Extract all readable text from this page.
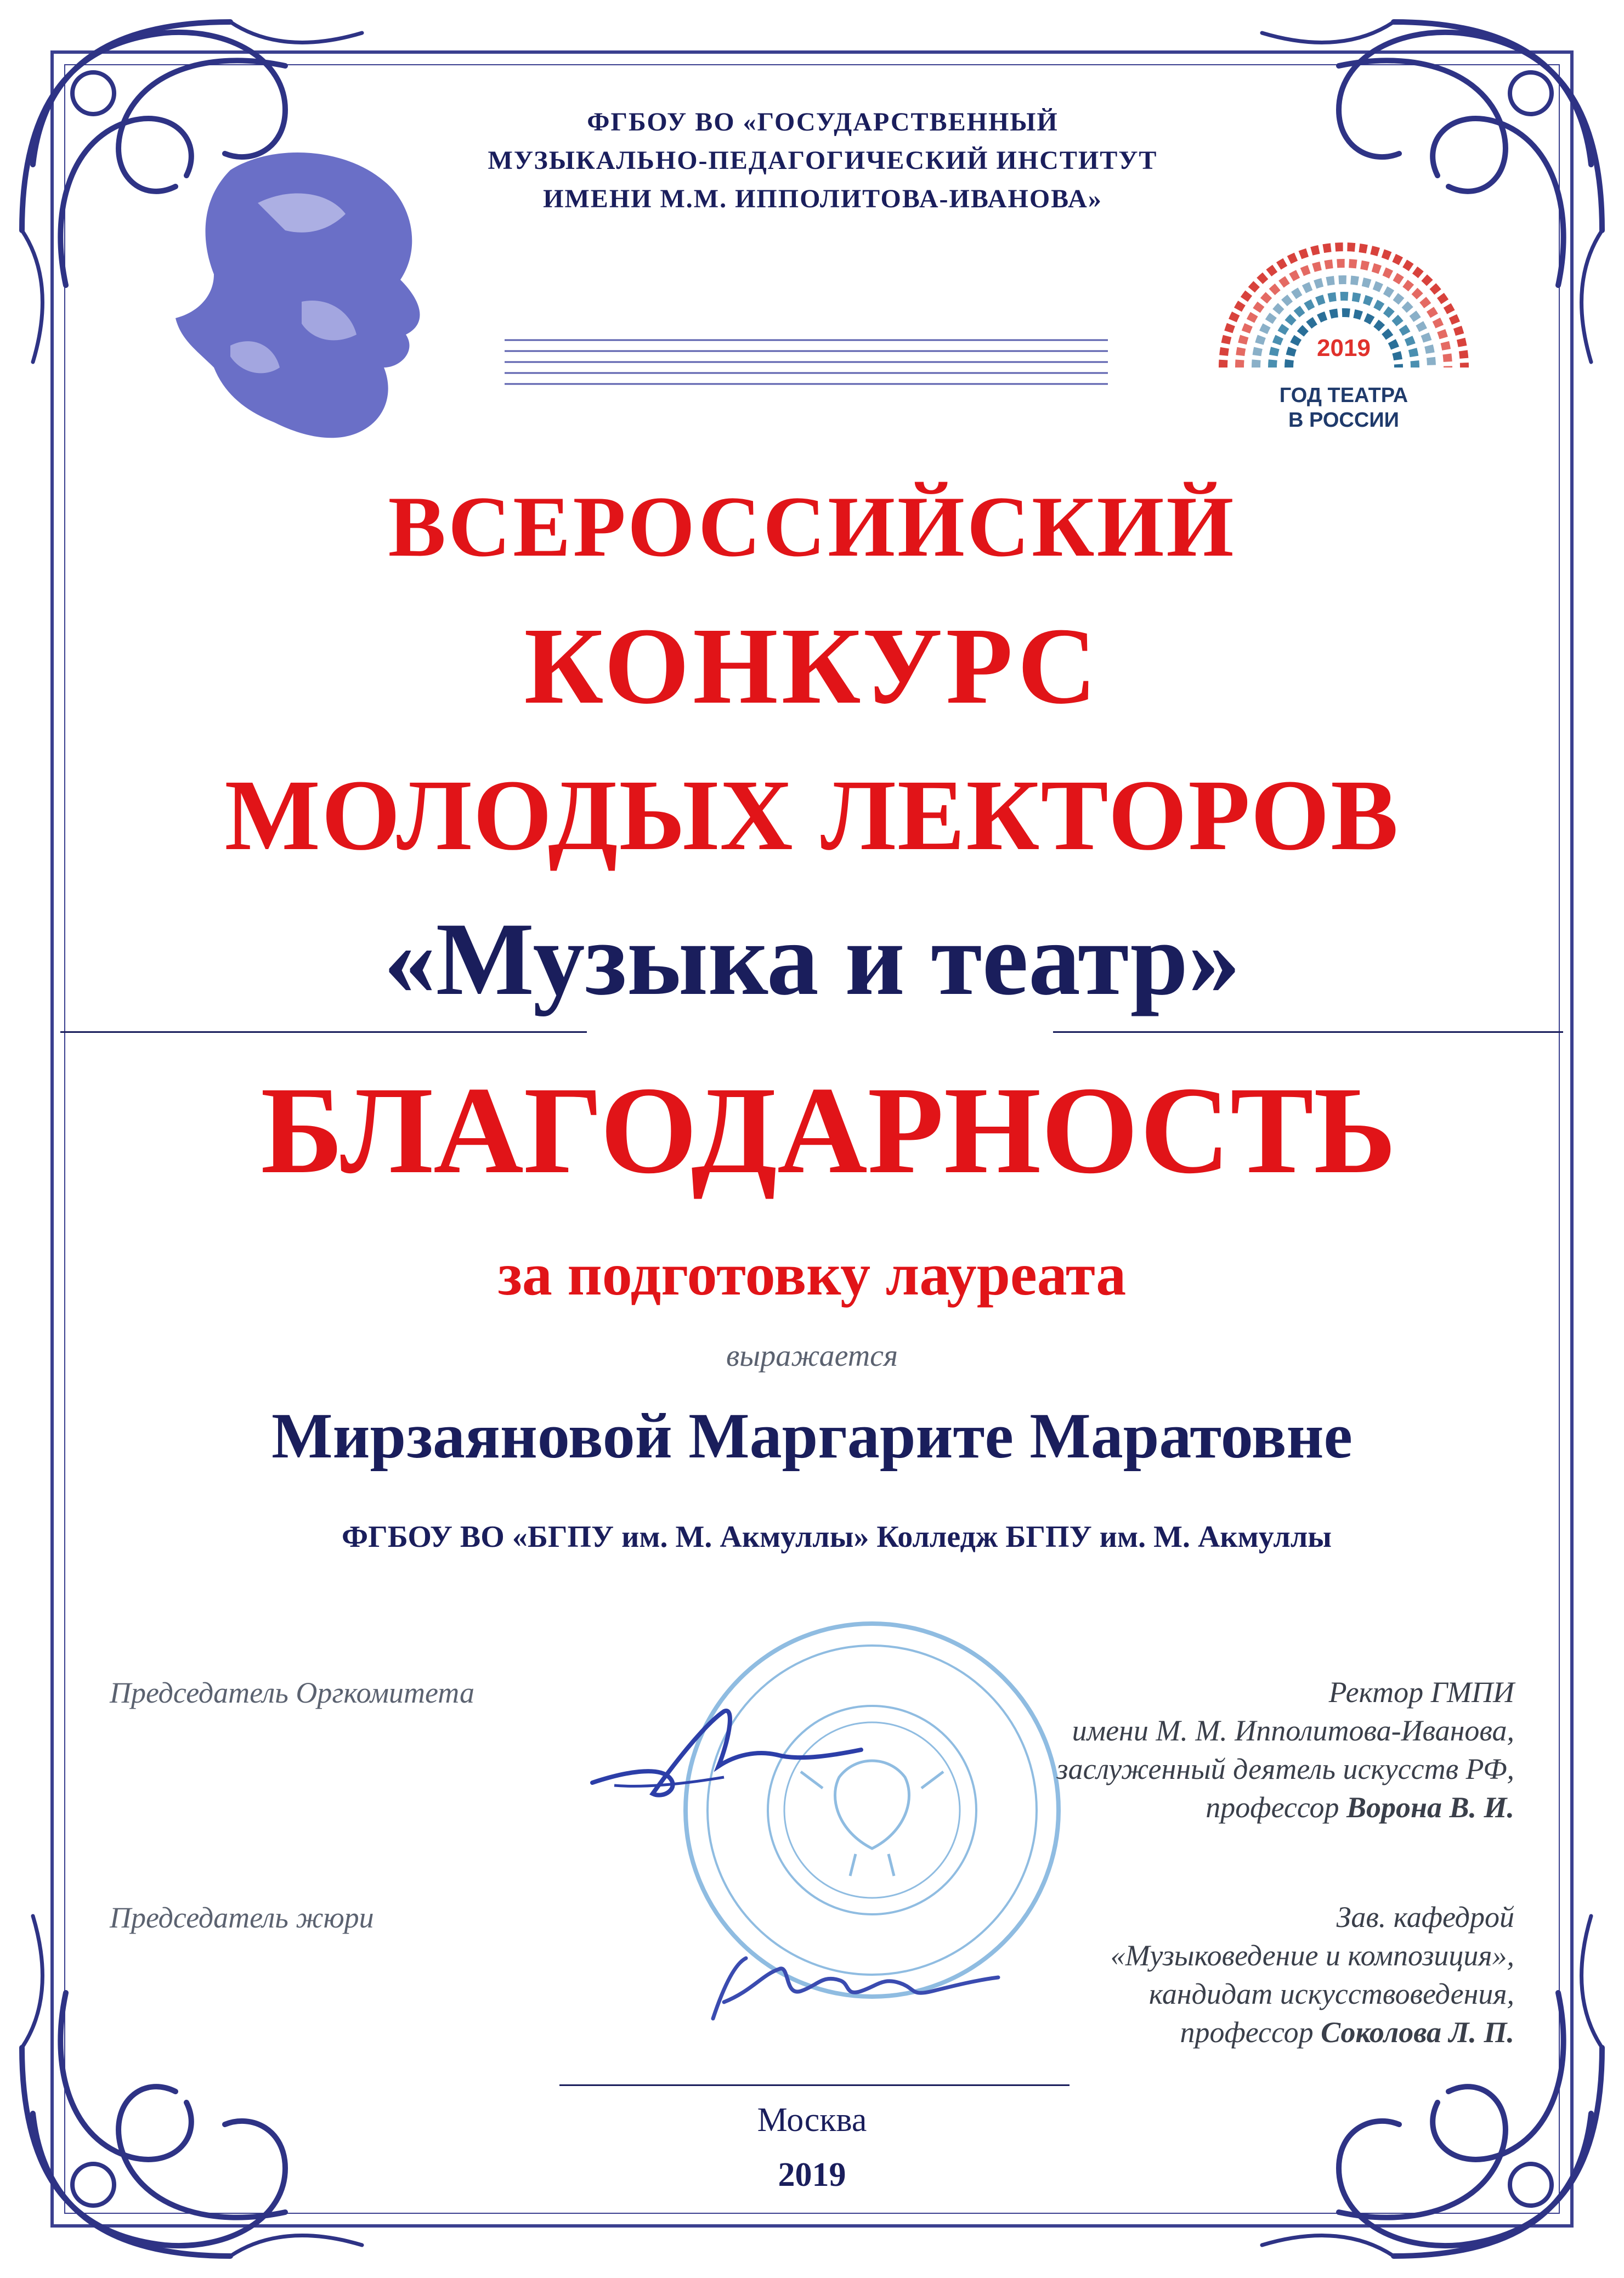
ФГБОУ ВО «ГОСУДАРСТВЕННЫЙ
МУЗЫКАЛЬНО-ПЕДАГОГИЧЕСКИЙ ИНСТИТУТ
ИМЕНИ М.М. ИППОЛИТОВА-ИВАНОВА»
2019
ГОД ТЕАТРА
В РОССИИ
ВСЕРОССИЙСКИЙ
КОНКУРС
МОЛОДЫХ ЛЕКТОРОВ
«Музыка и театр»
БЛАГОДАРНОСТЬ
за подготовку лауреата
выражается
Мирзаяновой Маргарите Маратовне
ФГБОУ ВО «БГПУ им. М. Акмуллы» Колледж БГПУ им. М. Акмуллы
Председатель Оргкомитета
Председатель жюри
Ректор ГМПИ
имени М. М. Ипполитова-Иванова,
заслуженный деятель искусств РФ,
профессор Ворона В. И.
Зав. кафедрой
«Музыковедение и композиция»,
кандидат искусствоведения,
профессор Соколова Л. П.
Москва
2019
